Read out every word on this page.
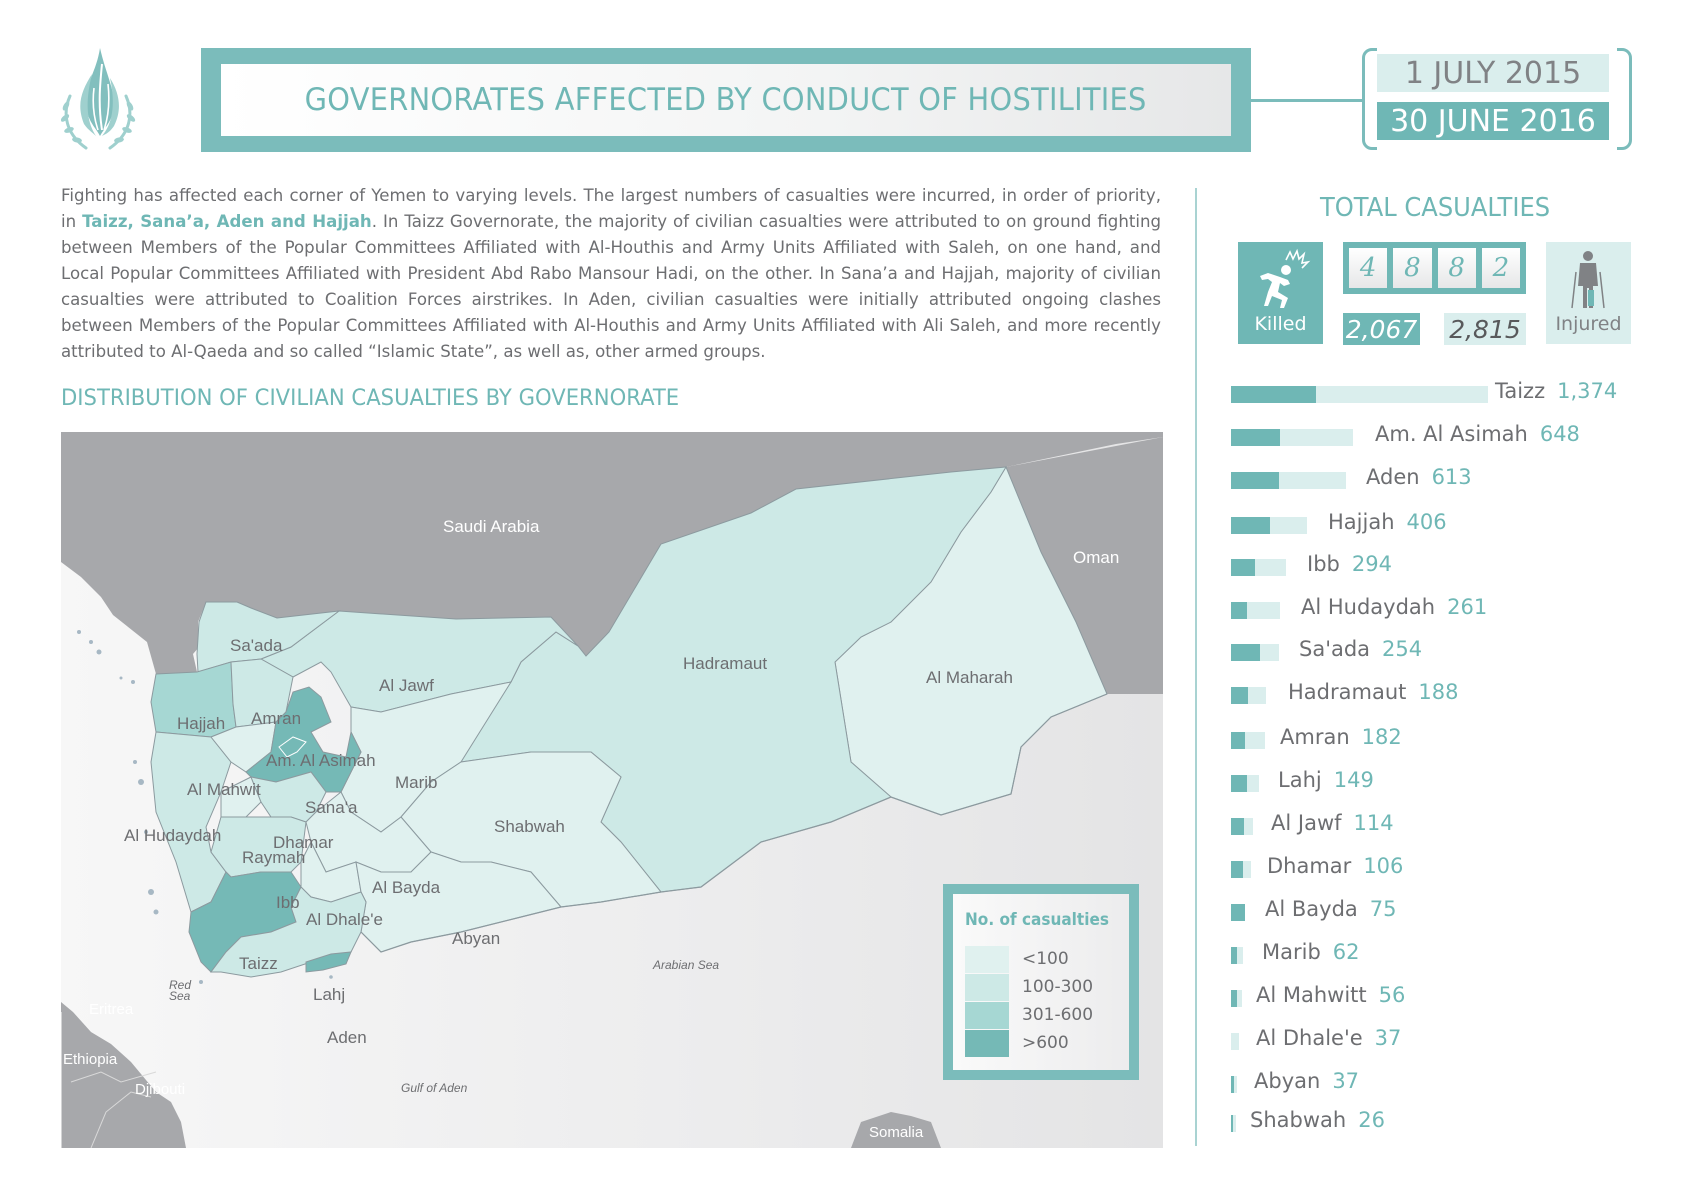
GOVERNORATES AFFECTED BY CONDUCT OF HOSTILITIES
1 JULY 2015
30 JUNE 2016

Fighting has affected each corner of Yemen to varying levels. The largest numbers of casualties were incurred, in order of priority, in Taizz, Sana’a, Aden and Hajjah. In Taizz Governorate, the majority of civilian casualties were attributed to on ground fighting between Members of the Popular Committees Affiliated with Al-Houthis and Army Units Affiliated with Saleh, on one hand, and Local Popular Committees Affiliated with President Abd Rabo Mansour Hadi, on the other. In Sana’a and Hajjah, majority of civilian casualties were attributed to Coalition Forces airstrikes. In Aden, civilian casualties were initially attributed ongoing clashes between Members of the Popular Committees Affiliated with Al-Houthis and Army Units Affiliated with Ali Saleh, and more recently attributed to Al-Qaeda and so called “Islamic State”, as well as, other armed groups.

DISTRIBUTION OF CIVILIAN CASUALTIES BY GOVERNORATE
Saudi Arabia
Oman
Eritrea
Ethiopia
Djibouti
Somalia
Red Sea
Arabian Sea
Gulf of Aden
Sa'ada
Al Jawf
Hajjah Amran
Am. Al Asimah
Al Mahwit
Sana'a
Marib
Al Hudaydah
Raymah
Dhamar
Shabwah
Hadramaut
Al Maharah
Al Bayda
Ibb
Al Dhale'e
Abyan
Taizz
Lahj
Aden
No. of casualties
<100
100-300
301-600
>600
TOTAL CASUALTIES
Killed
4	8	8	2
2,067 2,815	Injured
Taizz 1,374
Am. Al Asimah 648
Aden 613
Hajjah 406
Ibb 294
Al Hudaydah 261
Sa'ada 254
Hadramaut 188
Amran 182
Lahj 149
Al Jawf 114
Dhamar 106
Al Bayda 75
Marib 62
Al Mahwitt 56
Al Dhale'e 37
Abyan 37
Shabwah 26
